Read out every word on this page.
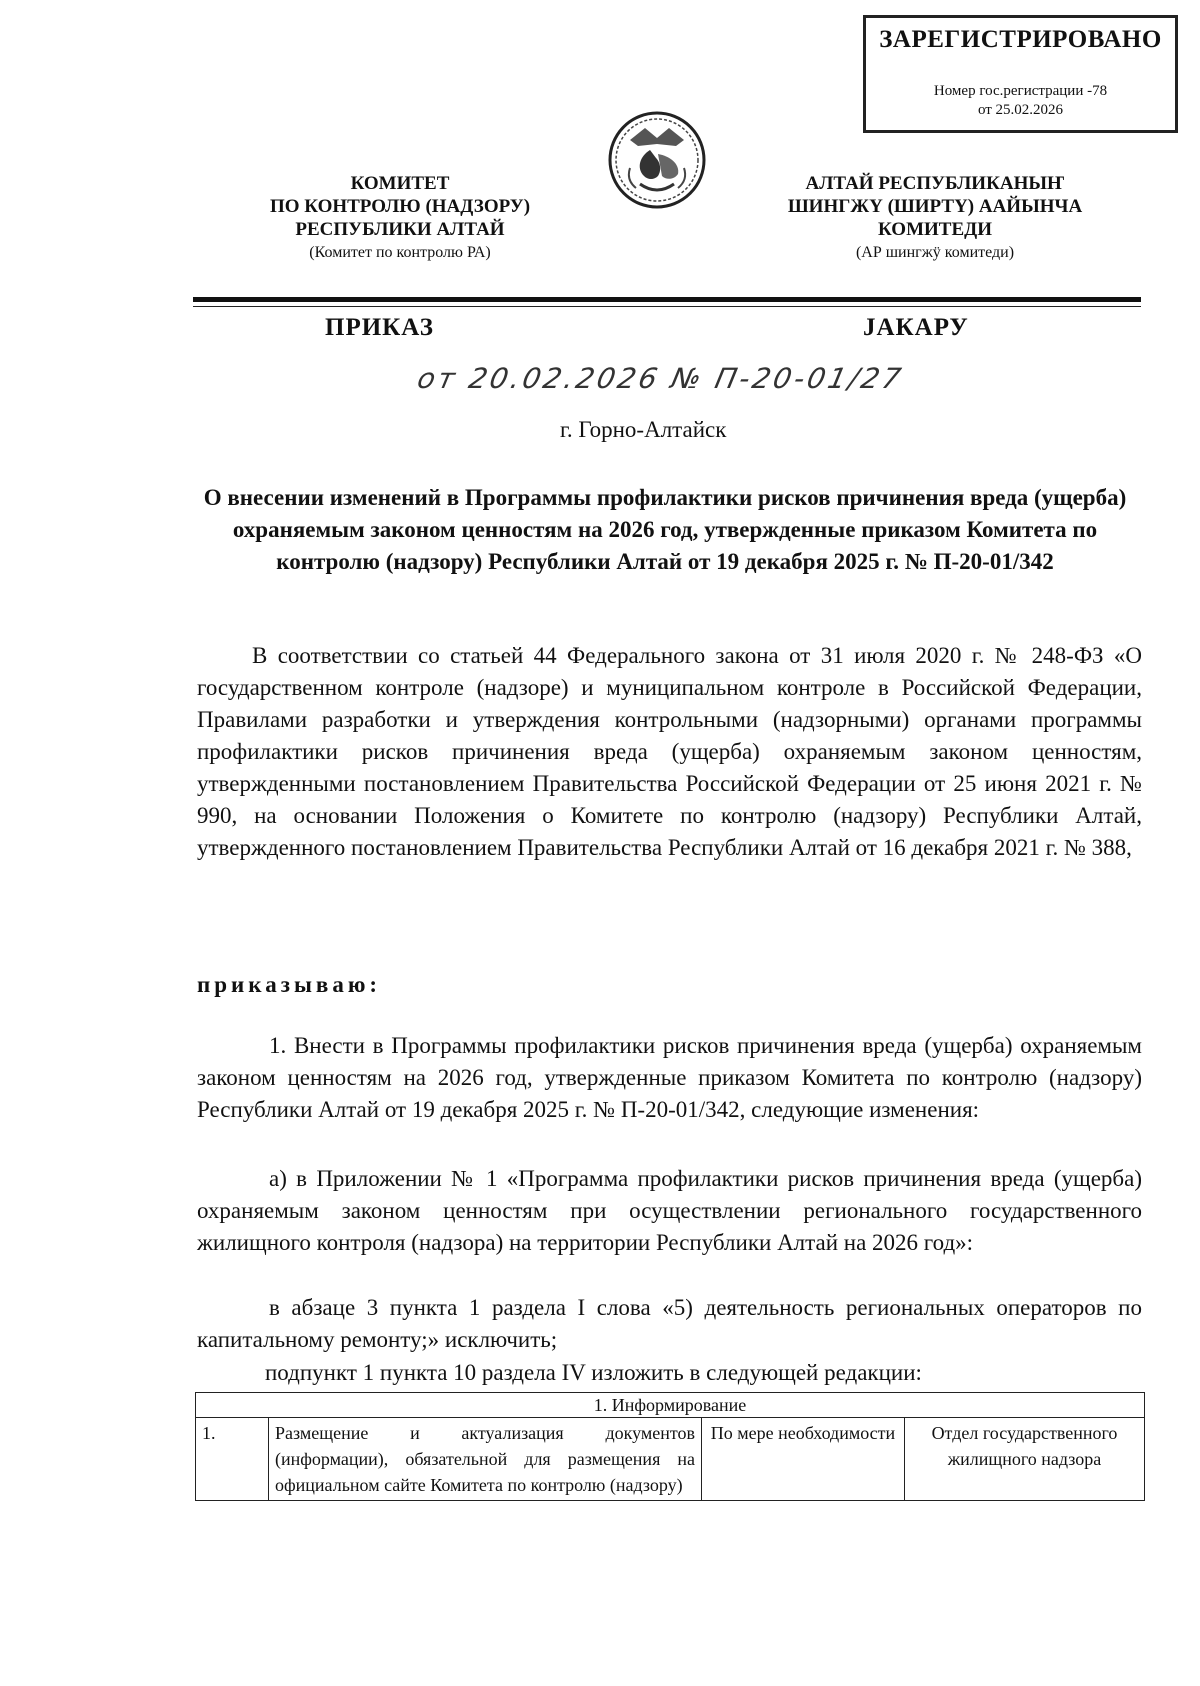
ЗАРЕГИСТРИРОВАНО
Номер гос.регистрации -78
от 25.02.2026
КОМИТЕТ
ПО КОНТРОЛЮ (НАДЗОРУ)
РЕСПУБЛИКИ АЛТАЙ
(Комитет по контролю РА)
АЛТАЙ РЕСПУБЛИКАНЫҤ
ШИНГЖҮ (ШИРТҮ) ААЙЫНЧА
КОМИТЕДИ
(АР шингжӱ комитеди)
ПРИКАЗ	ЈАКАРУ
от 20.02.2026 № П-20-01/27
г. Горно-Алтайск
О внесении изменений в Программы профилактики рисков причинения вреда (ущерба) охраняемым законом ценностям на 2026 год, утвержденные приказом Комитета по контролю (надзору) Республики Алтай от 19 декабря 2025 г. № П-20-01/342
В соответствии со статьей 44 Федерального закона от 31 июля 2020 г. № 248-ФЗ «О государственном контроле (надзоре) и муниципальном контроле в Российской Федерации, Правилами разработки и утверждения контрольными (надзорными) органами программы профилактики рисков причинения вреда (ущерба) охраняемым законом ценностям, утвержденными постановлением Правительства Российской Федерации от 25 июня 2021 г. № 990, на основании Положения о Комитете по контролю (надзору) Республики Алтай, утвержденного постановлением Правительства Республики Алтай от 16 декабря 2021 г. № 388,
приказываю:
1. Внести в Программы профилактики рисков причинения вреда (ущерба) охраняемым законом ценностям на 2026 год, утвержденные приказом Комитета по контролю (надзору) Республики Алтай от 19 декабря 2025 г. № П-20-01/342, следующие изменения:
а) в Приложении № 1 «Программа профилактики рисков причинения вреда (ущерба) охраняемым законом ценностям при осуществлении регионального государственного жилищного контроля (надзора) на территории Республики Алтай на 2026 год»:
в абзаце 3 пункта 1 раздела I слова «5) деятельность региональных операторов по капитальному ремонту;» исключить;
подпункт 1 пункта 10 раздела IV изложить в следующей редакции:
1. Информирование
1.	Размещение и актуализация документов (информации), обязательной для размещения на официальном сайте Комитета по контролю (надзору)	По мере необходимости	Отдел государственного жилищного надзора
